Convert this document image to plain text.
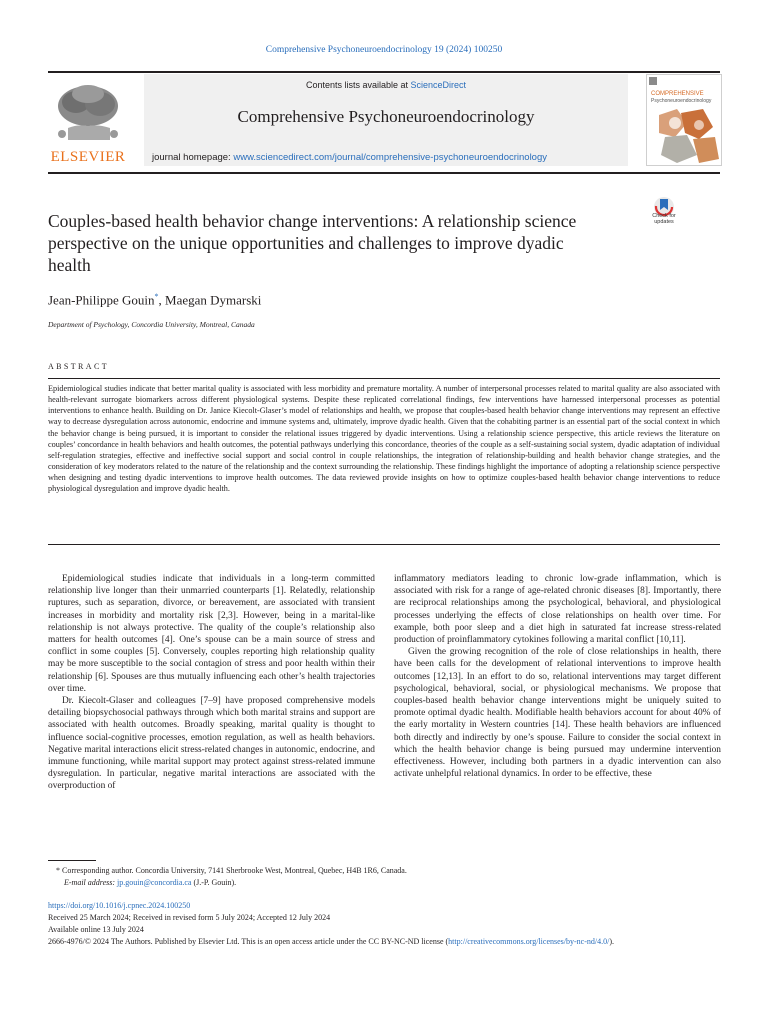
Comprehensive Psychoneuroendocrinology 19 (2024) 100250
ELSEVIER
Contents lists available at ScienceDirect
Comprehensive Psychoneuroendocrinology
journal homepage: www.sciencedirect.com/journal/comprehensive-psychoneuroendocrinology
COMPREHENSIVE
Psychoneuroendocrinology
Couples-based health behavior change interventions: A relationship science perspective on the unique opportunities and challenges to improve dyadic health
Check for
updates
Jean-Philippe Gouin*, Maegan Dymarski
Department of Psychology, Concordia University, Montreal, Canada
ABSTRACT
Epidemiological studies indicate that better marital quality is associated with less morbidity and premature mortality. A number of interpersonal processes related to marital quality are also associated with health-relevant surrogate biomarkers across different physiological systems. Despite these replicated correlational findings, few interventions have harnessed interpersonal processes as potential interventions to enhance health. Building on Dr. Janice Kiecolt-Glaser’s model of relationships and health, we propose that couples-based health behavior change interventions may represent an effective way to decrease dysregulation across autonomic, endocrine and immune systems and, ultimately, improve dyadic health. Given that the cohabiting partner is an essential part of the social context in which the behavior change is being pursued, it is important to consider the relational issues triggered by dyadic interventions. Using a relationship science perspective, this article reviews the literature on couples’ concordance in health behaviors and health outcomes, the potential pathways underlying this concordance, theories of the couple as a self-sustaining social system, dyadic adaptation of individual self-regulation strategies, effective and ineffective social support and social control in couple relationships, the integration of relationship-building and health behavior change strategies, and the consideration of key moderators related to the nature of the relationship and the context surrounding the relationship. These findings highlight the importance of adopting a relationship science perspective when designing and testing dyadic interventions to improve health outcomes. The data reviewed provide insights on how to optimize couples-based health behavior change interventions to reduce physiological dysregulation and improve dyadic health.

Epidemiological studies indicate that individuals in a long-term committed relationship live longer than their unmarried counterparts [1]. Relatedly, relationship ruptures, such as separation, divorce, or bereavement, are associated with transient increases in morbidity and mortality risk [2,3]. However, being in a marital-like relationship is not always protective. The quality of the couple’s relationship also matters for health outcomes [4]. One’s spouse can be a main source of stress and conflict in some couples [5]. Conversely, couples reporting high relationship quality may be more susceptible to the social contagion of stress and poor health within their relationship [6]. Spouses are thus mutually influencing each other’s health trajectories over time.

Dr. Kiecolt-Glaser and colleagues [7–9] have proposed comprehensive models detailing biopsychosocial pathways through which both marital strains and support are associated with health outcomes. Broadly speaking, marital quality is thought to influence social-cognitive processes, emotion regulation, as well as health behaviors. Negative marital interactions elicit stress-related changes in autonomic, endocrine, and immune functioning, while marital support may protect against stress-related immune dysregulation. In particular, negative marital interactions are associated with the overproduction of

inflammatory mediators leading to chronic low-grade inflammation, which is associated with risk for a range of age-related chronic diseases [8]. Importantly, there are reciprocal relationships among the psychological, behavioral, and physiological processes underlying the effects of close relationships on health over time. For example, both poor sleep and a diet high in saturated fat increase stress-related production of proinflammatory cytokines following a marital conflict [10,11].

Given the growing recognition of the role of close relationships in health, there have been calls for the development of relational interventions to improve health outcomes [12,13]. In an effort to do so, relational interventions may target different psychological, behavioral, social, or physiological mechanisms. We propose that couples-based health behavior change interventions might be uniquely suited to promote optimal dyadic health. Modifiable health behaviors account for about 40% of the early mortality in Western countries [14]. These health behaviors are influenced both directly and indirectly by one’s spouse. Failure to consider the social context in which the health behavior change is being pursued may undermine intervention effectiveness. However, including both partners in a dyadic intervention can also activate unhelpful relational dynamics. In order to be effective, these

* Corresponding author. Concordia University, 7141 Sherbrooke West, Montreal, Quebec, H4B 1R6, Canada.
E-mail address: jp.gouin@concordia.ca (J.-P. Gouin).
https://doi.org/10.1016/j.cpnec.2024.100250
Received 25 March 2024; Received in revised form 5 July 2024; Accepted 12 July 2024
Available online 13 July 2024
2666-4976/© 2024 The Authors. Published by Elsevier Ltd. This is an open access article under the CC BY-NC-ND license (http://creativecommons.org/licenses/by-nc-nd/4.0/).
